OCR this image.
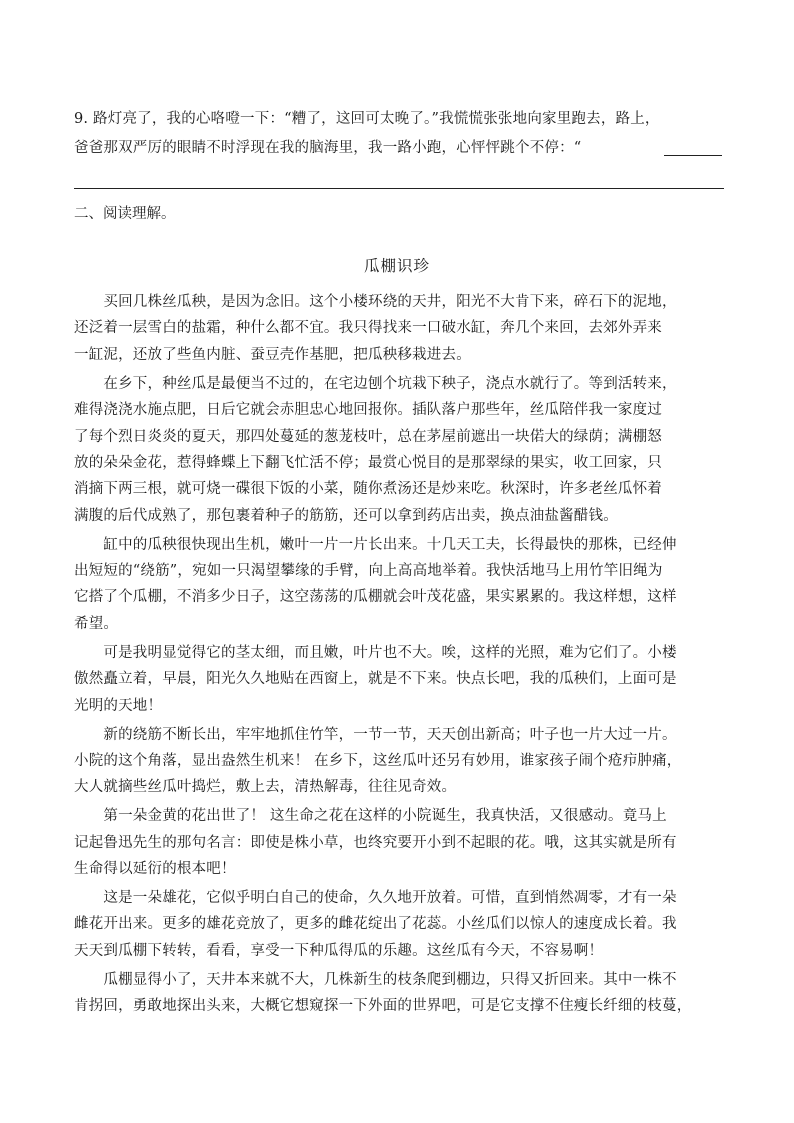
9. 路灯亮了，我的心咯噔一下：“糟了，这回可太晚了。”我慌慌张张地向家里跑去，路上，
爸爸那双严厉的眼睛不时浮现在我的脑海里，我一路小跑，心怦怦跳个不停：“
二、阅读理解。
瓜棚识珍
　　买回几株丝瓜秧，是因为念旧。这个小楼环绕的天井，阳光不大肯下来，碎石下的泥地，
还泛着一层雪白的盐霜，种什么都不宜。我只得找来一口破水缸，奔几个来回，去郊外弄来
一缸泥，还放了些鱼内脏、蚕豆壳作基肥，把瓜秧移栽进去。
　　在乡下，种丝瓜是最便当不过的，在宅边刨个坑栽下秧子，浇点水就行了。等到活转来，
难得浇浇水施点肥，日后它就会赤胆忠心地回报你。插队落户那些年，丝瓜陪伴我一家度过
了每个烈日炎炎的夏天，那四处蔓延的葱茏枝叶，总在茅屋前遮出一块偌大的绿荫；满棚怒
放的朵朵金花，惹得蜂蝶上下翻飞忙活不停；最赏心悦目的是那翠绿的果实，收工回家，只
消摘下两三根，就可烧一碟很下饭的小菜，随你煮汤还是炒来吃。秋深时，许多老丝瓜怀着
满腹的后代成熟了，那包裹着种子的筋筋，还可以拿到药店出卖，换点油盐酱醋钱。
　　缸中的瓜秧很快现出生机，嫩叶一片一片长出来。十几天工夫，长得最快的那株，已经伸
出短短的“绕筋”，宛如一只渴望攀缘的手臂，向上高高地举着。我快活地马上用竹竿旧绳为
它搭了个瓜棚，不消多少日子，这空荡荡的瓜棚就会叶茂花盛，果实累累的。我这样想，这样
希望。
　　可是我明显觉得它的茎太细，而且嫩，叶片也不大。唉，这样的光照，难为它们了。小楼
傲然矗立着，早晨，阳光久久地贴在西窗上，就是不下来。快点长吧，我的瓜秧们，上面可是
光明的天地！
　　新的绕筋不断长出，牢牢地抓住竹竿，一节一节，天天创出新高；叶子也一片大过一片。
小院的这个角落，显出盎然生机来！ 在乡下，这丝瓜叶还另有妙用，谁家孩子闹个疮疖肿痛，
大人就摘些丝瓜叶捣烂，敷上去，清热解毒，往往见奇效。
　　第一朵金黄的花出世了！ 这生命之花在这样的小院诞生，我真快活，又很感动。竟马上
记起鲁迅先生的那句名言：即使是株小草，也终究要开小到不起眼的花。哦，这其实就是所有
生命得以延衍的根本吧！
　　这是一朵雄花，它似乎明白自己的使命，久久地开放着。可惜，直到悄然凋零，才有一朵
雌花开出来。更多的雄花竞放了，更多的雌花绽出了花蕊。小丝瓜们以惊人的速度成长着。我
天天到瓜棚下转转，看看，享受一下种瓜得瓜的乐趣。这丝瓜有今天，不容易啊！
　　瓜棚显得小了，天井本来就不大，几株新生的枝条爬到棚边，只得又折回来。其中一株不
肯拐回，勇敢地探出头来，大概它想窥探一下外面的世界吧，可是它支撑不住瘦长纤细的枝蔓，
